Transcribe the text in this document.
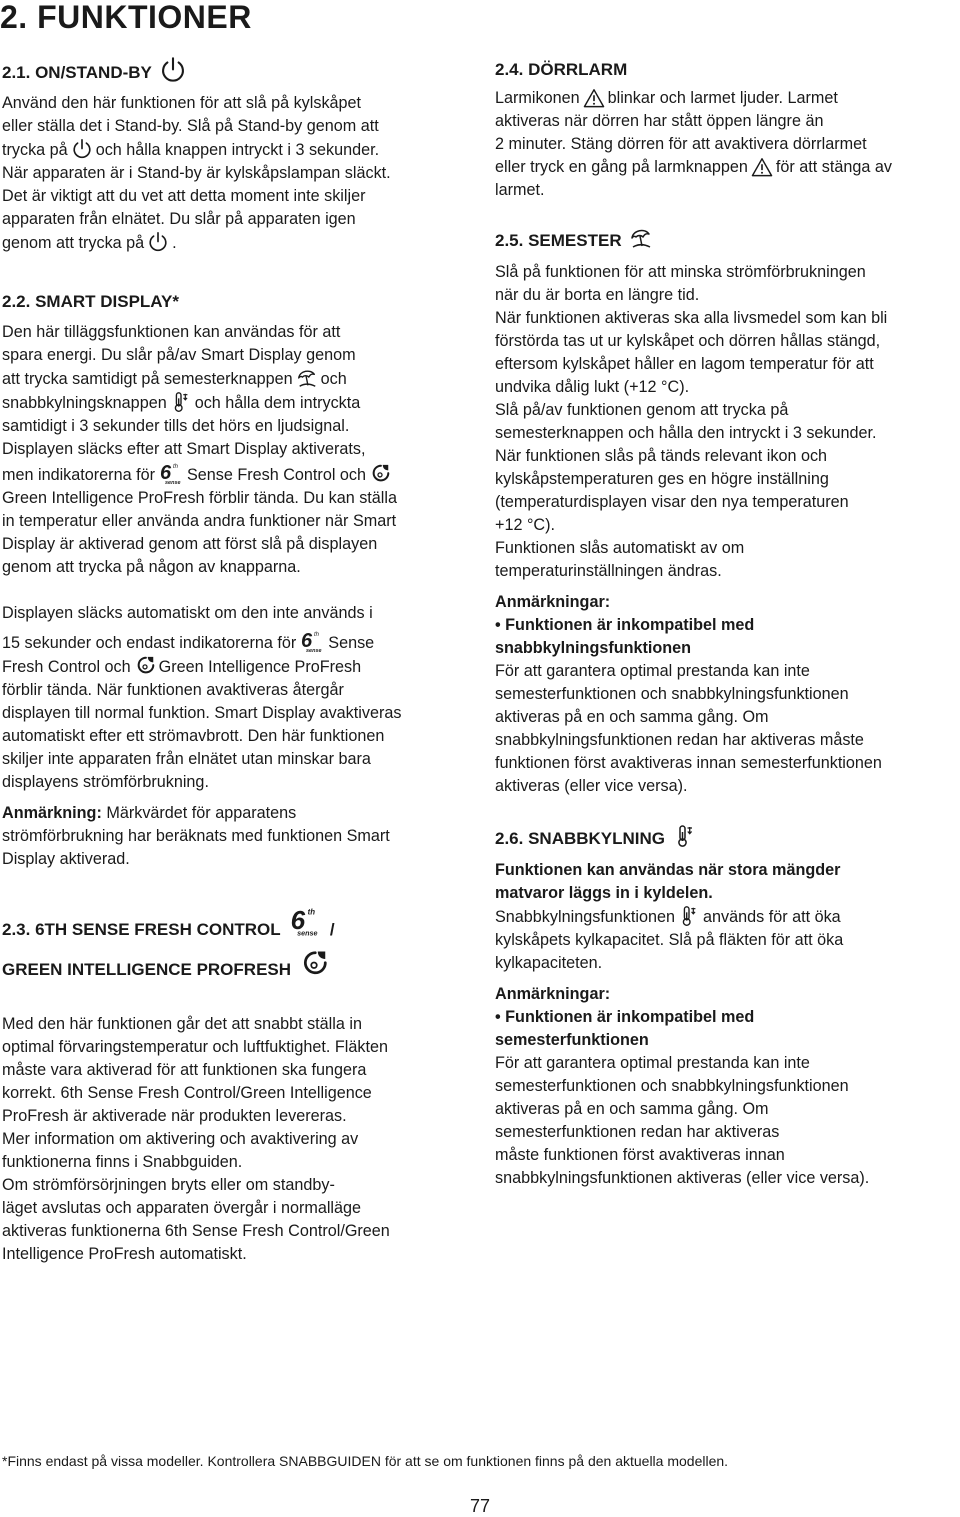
2. FUNKTIONER
2.1. ON/STAND-BY

Använd den här funktionen för att slå på kylskåpet

eller ställa det i Stand-by. Slå på Stand-by genom att

trycka på och hålla knappen intryckt i 3 sekunder.

När apparaten är i Stand-by är kylskåpslampan släckt.

Det är viktigt att du vet att detta moment inte skiljer

apparaten från elnätet. Du slår på apparaten igen

genom att trycka på .

2.2. SMART DISPLAY*

Den här tilläggsfunktionen kan användas för att

spara energi. Du slår på/av Smart Display genom

att trycka samtidigt på semesterknappen och

snabbkylningsknappen och hålla dem intryckta

samtidigt i 3 sekunder tills det hörs en ljudsignal.

Displayen släcks efter att Smart Display aktiverats,

men indikatorerna för 6 th
sense Sense Fresh Control och

Green Intelligence ProFresh förblir tända. Du kan ställa

in temperatur eller använda andra funktioner när Smart

Display är aktiverad genom att först slå på displayen

genom att trycka på någon av knapparna.

Displayen släcks automatiskt om den inte används i

15 sekunder och endast indikatorerna för 6 th
sense Sense

Fresh Control och Green Intelligence ProFresh

förblir tända. När funktionen avaktiveras återgår

displayen till normal funktion. Smart Display avaktiveras

automatiskt efter ett strömavbrott. Den här funktionen

skiljer inte apparaten från elnätet utan minskar bara

displayens strömförbrukning.

Anmärkning: Märkvärdet för apparatens

strömförbrukning har beräknats med funktionen Smart

Display aktiverad.

2.3. 6TH SENSE FRESH CONTROL 6 th
sense /
GREEN INTELLIGENCE PROFRESH

Med den här funktionen går det att snabbt ställa in

optimal förvaringstemperatur och luftfuktighet. Fläkten

måste vara aktiverad för att funktionen ska fungera

korrekt. 6th Sense Fresh Control/Green Intelligence

ProFresh är aktiverade när produkten levereras.

Mer information om aktivering och avaktivering av

funktionerna finns i Snabbguiden.

Om strömförsörjningen bryts eller om standby-

läget avslutas och apparaten övergår i normalläge

aktiveras funktionerna 6th Sense Fresh Control/Green

Intelligence ProFresh automatiskt.

2.4. DÖRRLARM

Larmikonen blinkar och larmet ljuder. Larmet

aktiveras när dörren har stått öppen längre än

2 minuter. Stäng dörren för att avaktivera dörrlarmet

eller tryck en gång på larmknappen för att stänga av

larmet.

2.5. SEMESTER

Slå på funktionen för att minska strömförbrukningen

när du är borta en längre tid.

När funktionen aktiveras ska alla livsmedel som kan bli

förstörda tas ut ur kylskåpet och dörren hållas stängd,

eftersom kylskåpet håller en lagom temperatur för att

undvika dålig lukt (+12 °C).

Slå på/av funktionen genom att trycka på

semesterknappen och hålla den intryckt i 3 sekunder.

När funktionen slås på tänds relevant ikon och

kylskåpstemperaturen ges en högre inställning

(temperaturdisplayen visar den nya temperaturen

+12 °C).

Funktionen slås automatiskt av om

temperaturinställningen ändras.

Anmärkningar:

• Funktionen är inkompatibel med

snabbkylningsfunktionen

För att garantera optimal prestanda kan inte

semesterfunktionen och snabbkylningsfunktionen

aktiveras på en och samma gång. Om

snabbkylningsfunktionen redan har aktiveras måste

funktionen först avaktiveras innan semesterfunktionen

aktiveras (eller vice versa).

2.6. SNABBKYLNING

Funktionen kan användas när stora mängder

matvaror läggs in i kyldelen.

Snabbkylningsfunktionen används för att öka

kylskåpets kylkapacitet. Slå på fläkten för att öka

kylkapaciteten.

Anmärkningar:

• Funktionen är inkompatibel med

semesterfunktionen

För att garantera optimal prestanda kan inte

semesterfunktionen och snabbkylningsfunktionen

aktiveras på en och samma gång. Om

semesterfunktionen redan har aktiveras

måste funktionen först avaktiveras innan

snabbkylningsfunktionen aktiveras (eller vice versa).

*Finns endast på vissa modeller. Kontrollera SNABBGUIDEN för att se om funktionen finns på den aktuella modellen.
77
